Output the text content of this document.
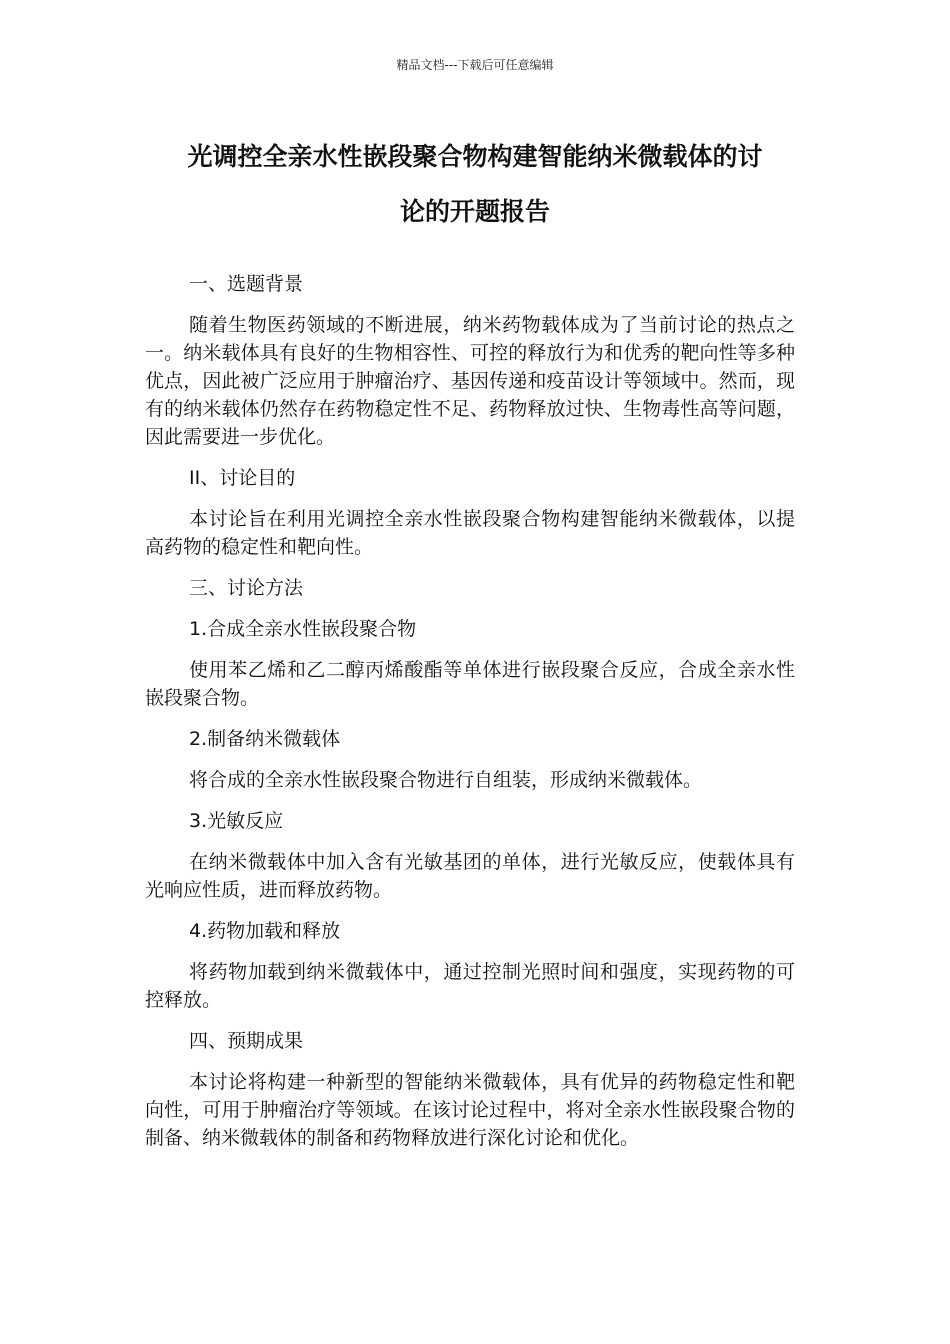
精品文档---下载后可任意编辑
光调控全亲水性嵌段聚合物构建智能纳米微载体的讨
论的开题报告

一、选题背景

随着生物医药领域的不断进展，纳米药物载体成为了当前讨论的热点之一。纳米载体具有良好的生物相容性、可控的释放行为和优秀的靶向性等多种优点，因此被广泛应用于肿瘤治疗、基因传递和疫苗设计等领域中。然而，现有的纳米载体仍然存在药物稳定性不足、药物释放过快、生物毒性高等问题，因此需要进一步优化。

II、讨论目的

本讨论旨在利用光调控全亲水性嵌段聚合物构建智能纳米微载体，以提高药物的稳定性和靶向性。

三、讨论方法

1.合成全亲水性嵌段聚合物

使用苯乙烯和乙二醇丙烯酸酯等单体进行嵌段聚合反应，合成全亲水性嵌段聚合物。

2.制备纳米微载体

将合成的全亲水性嵌段聚合物进行自组装，形成纳米微载体。

3.光敏反应

在纳米微载体中加入含有光敏基团的单体，进行光敏反应，使载体具有光响应性质，进而释放药物。

4.药物加载和释放

将药物加载到纳米微载体中，通过控制光照时间和强度，实现药物的可控释放。

四、预期成果

本讨论将构建一种新型的智能纳米微载体，具有优异的药物稳定性和靶向性，可用于肿瘤治疗等领域。在该讨论过程中，将对全亲水性嵌段聚合物的制备、纳米微载体的制备和药物释放进行深化讨论和优化。
